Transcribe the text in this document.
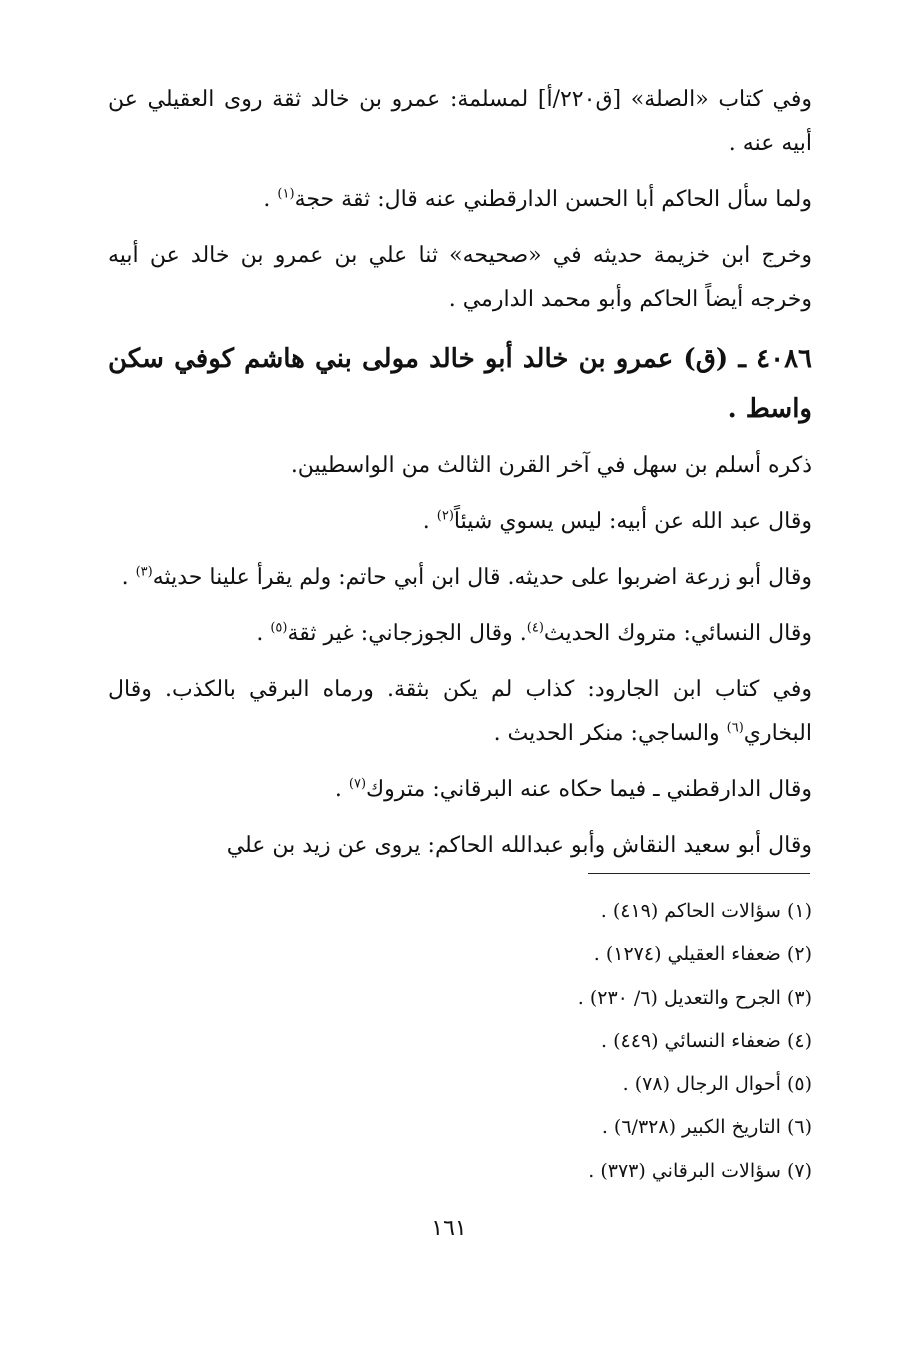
وفي كتاب «الصلة» [ق٢٢٠/أ] لمسلمة: عمرو بن خالد ثقة روى العقيلي عن أبيه عنه .

ولما سأل الحاكم أبا الحسن الدارقطني عنه قال: ثقة حجة$^{(١)}$ .

وخرج ابن خزيمة حديثه في «صحيحه» ثنا علي بن عمرو بن خالد عن أبيه وخرجه أيضاً الحاكم وأبو محمد الدارمي .

٤٠٨٦ ـ (ق) عمرو بن خالد أبو خالد مولى بني هاشم كوفي سكن واسط .

ذكره أسلم بن سهل في آخر القرن الثالث من الواسطيين.

وقال عبد الله عن أبيه: ليس يسوي شيئاً$^{(٢)}$ .

وقال أبو زرعة اضربوا على حديثه. قال ابن أبي حاتم: ولم يقرأ علينا حديثه$^{(٣)}$ .

وقال النسائي: متروك الحديث$^{(٤)}$. وقال الجوزجاني: غير ثقة$^{(٥)}$ .

وفي كتاب ابن الجارود: كذاب لم يكن بثقة. ورماه البرقي بالكذب. وقال البخاري$^{(٦)}$ والساجي: منكر الحديث .

وقال الدارقطني ـ فيما حكاه عنه البرقاني: متروك$^{(٧)}$ .

وقال أبو سعيد النقاش وأبو عبدالله الحاكم: يروى عن زيد بن علي

(١) سؤالات الحاكم (٤١٩) .
(٢) ضعفاء العقيلي (١٢٧٤) .
(٣) الجرح والتعديل (٦/ ٢٣٠) .
(٤) ضعفاء النسائي (٤٤٩) .
(٥) أحوال الرجال (٧٨) .
(٦) التاريخ الكبير (٦/٣٢٨) .
(٧) سؤالات البرقاني (٣٧٣) .
١٦١
